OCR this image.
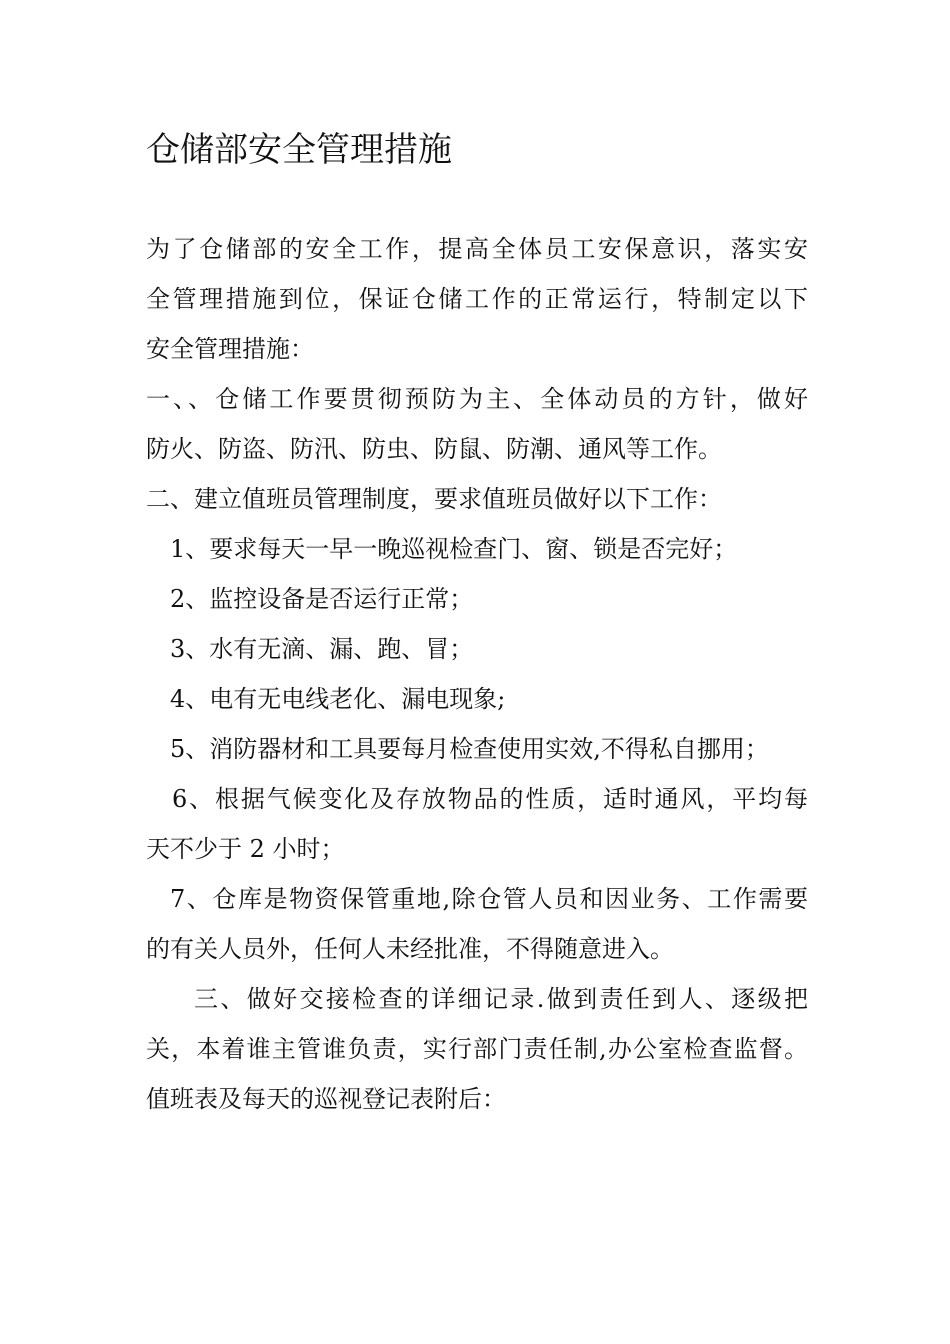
仓储部安全管理措施
为了仓储部的安全工作，提高全体员工安保意识，落实安
全管理措施到位，保证仓储工作的正常运行，特制定以下
安全管理措施：
一、、仓储工作要贯彻预防为主、全体动员的方针，做好
防火、防盗、防汛、防虫、防鼠、防潮、通风等工作。
二、建立值班员管理制度，要求值班员做好以下工作：
1、要求每天一早一晚巡视检查门、窗、锁是否完好；
2、监控设备是否运行正常；
3、水有无滴、漏、跑、冒；
4、电有无电线老化、漏电现象;
5、消防器材和工具要每月检查使用实效,不得私自挪用；
6、根据气候变化及存放物品的性质，适时通风，平均每
天不少于 2 小时；
7、仓库是物资保管重地,除仓管人员和因业务、工作需要
的有关人员外，任何人未经批准，不得随意进入。
三、做好交接检查的详细记录.做到责任到人、逐级把
关，本着谁主管谁负责，实行部门责任制,办公室检查监督。
值班表及每天的巡视登记表附后：
